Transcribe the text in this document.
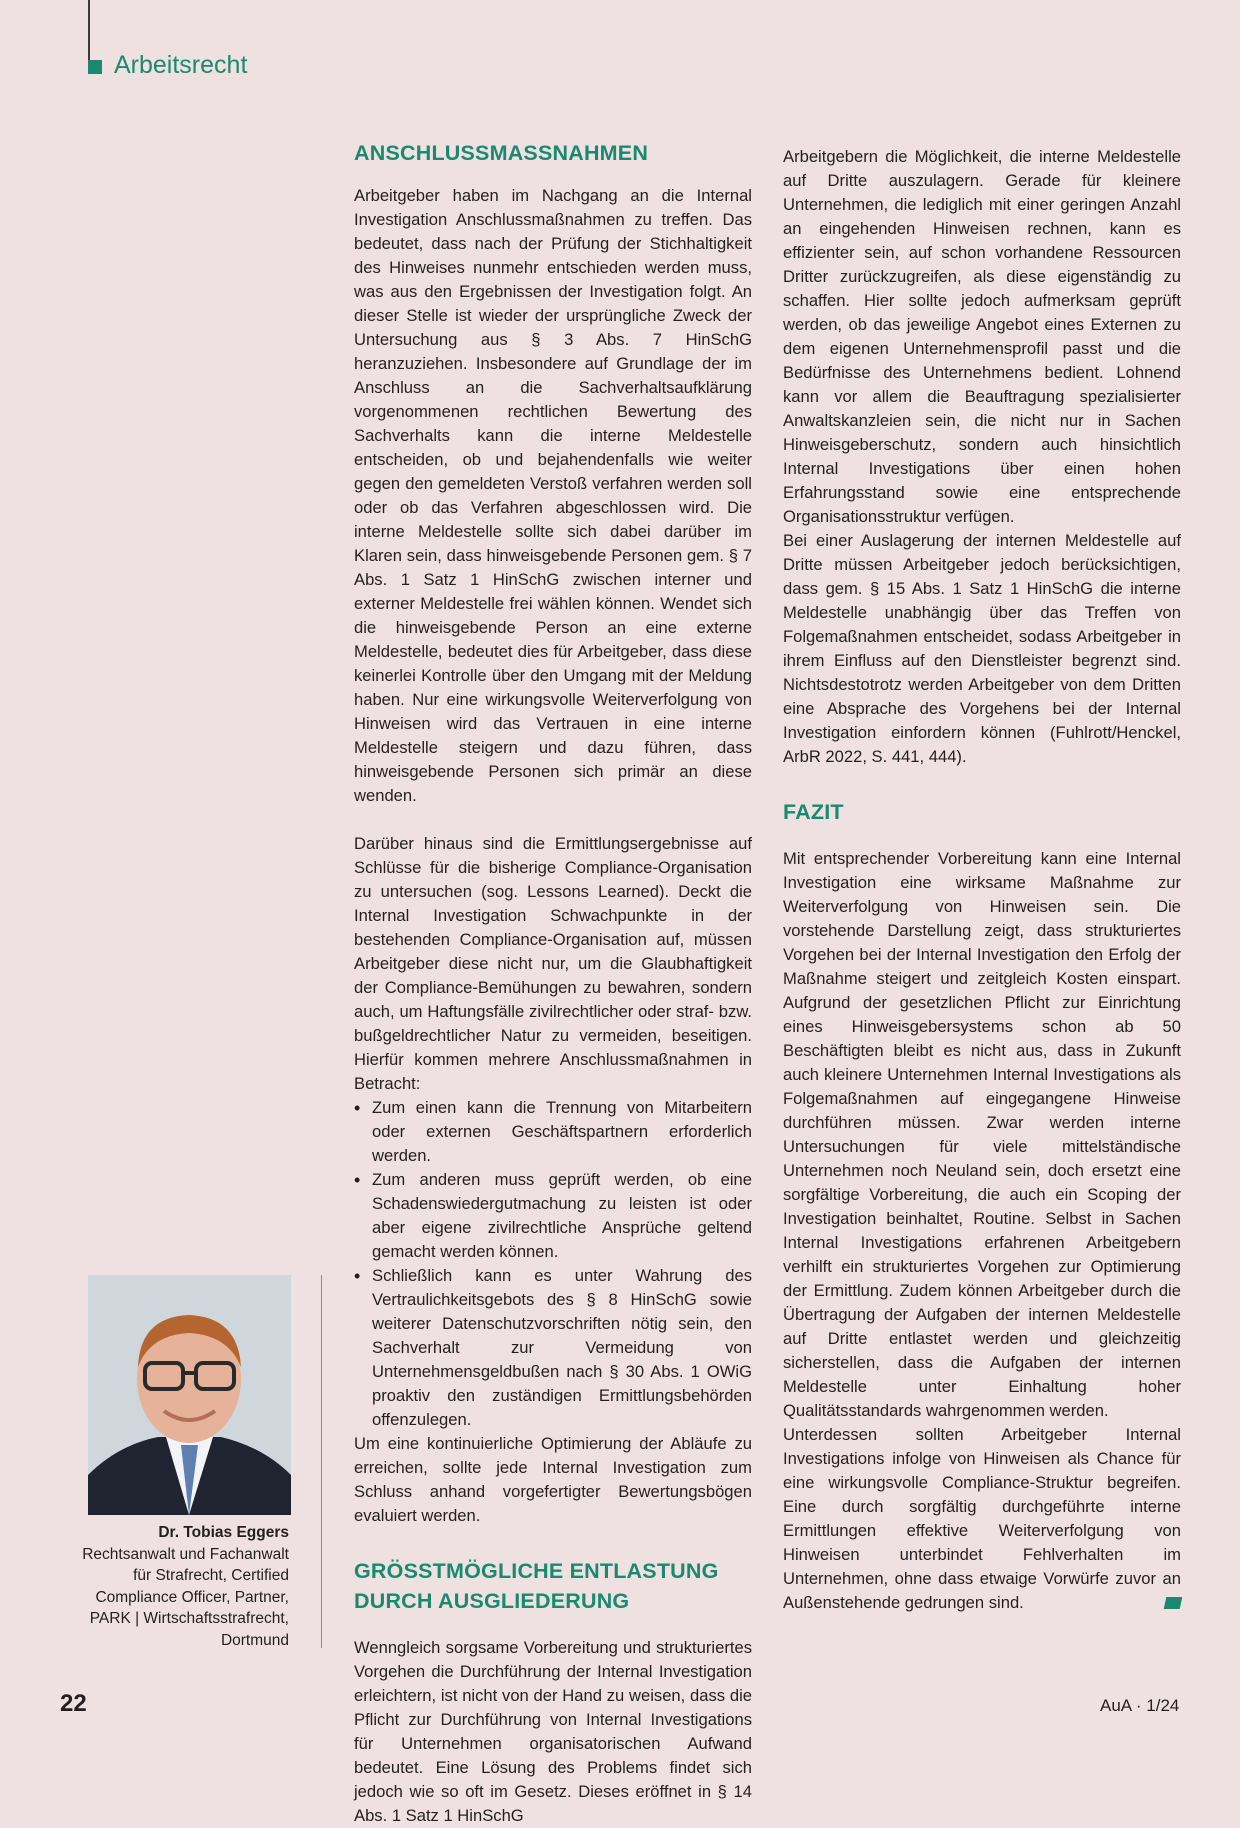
Arbeitsrecht
ANSCHLUSSMASSNAHMEN

Arbeitgeber haben im Nachgang an die Internal Investigation Anschlussmaßnahmen zu treffen. Das bedeutet, dass nach der Prüfung der Stichhaltigkeit des Hinweises nunmehr entschieden werden muss, was aus den Ergebnissen der Investigation folgt. An dieser Stelle ist wieder der ursprüngliche Zweck der Untersuchung aus § 3 Abs. 7 HinSchG heranzuziehen. Insbesondere auf Grundlage der im Anschluss an die Sachverhaltsaufklärung vorgenommenen rechtlichen Bewertung des Sachverhalts kann die interne Meldestelle entscheiden, ob und bejahendenfalls wie weiter gegen den gemeldeten Verstoß verfahren werden soll oder ob das Verfahren abgeschlossen wird. Die interne Meldestelle sollte sich dabei darüber im Klaren sein, dass hinweisgebende Personen gem. § 7 Abs. 1 Satz 1 HinSchG zwischen interner und externer Meldestelle frei wählen können. Wendet sich die hinweisgebende Person an eine externe Meldestelle, bedeutet dies für Arbeitgeber, dass diese keinerlei Kontrolle über den Umgang mit der Meldung haben. Nur eine wirkungsvolle Weiterverfolgung von Hinweisen wird das Vertrauen in eine interne Meldestelle steigern und dazu führen, dass hinweisgebende Personen sich primär an diese wenden.

Darüber hinaus sind die Ermittlungsergebnisse auf Schlüsse für die bisherige Compliance-Organisation zu untersuchen (sog. Lessons Learned). Deckt die Internal Investigation Schwachpunkte in der bestehenden Compliance-Organisation auf, müssen Arbeitgeber diese nicht nur, um die Glaubhaftigkeit der Compliance-Bemühungen zu bewahren, sondern auch, um Haftungsfälle zivilrechtlicher oder straf- bzw. bußgeldrechtlicher Natur zu vermeiden, beseitigen. Hierfür kommen mehrere Anschlussmaßnahmen in Betracht:

• Zum einen kann die Trennung von Mitarbeitern oder externen Geschäftspartnern erforderlich werden.
• Zum anderen muss geprüft werden, ob eine Schadenswiedergutmachung zu leisten ist oder aber eigene zivilrechtliche Ansprüche geltend gemacht werden können.
• Schließlich kann es unter Wahrung des Vertraulichkeitsgebots des § 8 HinSchG sowie weiterer Datenschutzvorschriften nötig sein, den Sachverhalt zur Vermeidung von Unternehmensgeldbußen nach § 30 Abs. 1 OWiG proaktiv den zuständigen Ermittlungsbehörden offenzulegen.

Um eine kontinuierliche Optimierung der Abläufe zu erreichen, sollte jede Internal Investigation zum Schluss anhand vorgefertigter Bewertungsbögen evaluiert werden.

GRÖSSTMÖGLICHE ENTLASTUNG
DURCH AUSGLIEDERUNG

Wenngleich sorgsame Vorbereitung und strukturiertes Vorgehen die Durchführung der Internal Investigation erleichtern, ist nicht von der Hand zu weisen, dass die Pflicht zur Durchführung von Internal Investigations für Unternehmen organisatorischen Aufwand bedeutet. Eine Lösung des Problems findet sich jedoch wie so oft im Gesetz. Dieses eröffnet in § 14 Abs. 1 Satz 1 HinSchG

Arbeitgebern die Möglichkeit, die interne Meldestelle auf Dritte auszulagern. Gerade für kleinere Unternehmen, die lediglich mit einer geringen Anzahl an eingehenden Hinweisen rechnen, kann es effizienter sein, auf schon vorhandene Ressourcen Dritter zurückzugreifen, als diese eigenständig zu schaffen. Hier sollte jedoch aufmerksam geprüft werden, ob das jeweilige Angebot eines Externen zu dem eigenen Unternehmensprofil passt und die Bedürfnisse des Unternehmens bedient. Lohnend kann vor allem die Beauftragung spezialisierter Anwaltskanzleien sein, die nicht nur in Sachen Hinweisgeberschutz, sondern auch hinsichtlich Internal Investigations über einen hohen Erfahrungsstand sowie eine entsprechende Organisationsstruktur verfügen.

Bei einer Auslagerung der internen Meldestelle auf Dritte müssen Arbeitgeber jedoch berücksichtigen, dass gem. § 15 Abs. 1 Satz 1 HinSchG die interne Meldestelle unabhängig über das Treffen von Folgemaßnahmen entscheidet, sodass Arbeitgeber in ihrem Einfluss auf den Dienstleister begrenzt sind. Nichtsdestotrotz werden Arbeitgeber von dem Dritten eine Absprache des Vorgehens bei der Internal Investigation einfordern können (Fuhlrott/Henckel, ArbR 2022, S. 441, 444).

FAZIT

Mit entsprechender Vorbereitung kann eine Internal Investigation eine wirksame Maßnahme zur Weiterverfolgung von Hinweisen sein. Die vorstehende Darstellung zeigt, dass strukturiertes Vorgehen bei der Internal Investigation den Erfolg der Maßnahme steigert und zeitgleich Kosten einspart. Aufgrund der gesetzlichen Pflicht zur Einrichtung eines Hinweisgebersystems schon ab 50 Beschäftigten bleibt es nicht aus, dass in Zukunft auch kleinere Unternehmen Internal Investigations als Folgemaßnahmen auf eingegangene Hinweise durchführen müssen. Zwar werden interne Untersuchungen für viele mittelständische Unternehmen noch Neuland sein, doch ersetzt eine sorgfältige Vorbereitung, die auch ein Scoping der Investigation beinhaltet, Routine. Selbst in Sachen Internal Investigations erfahrenen Arbeitgebern verhilft ein strukturiertes Vorgehen zur Optimierung der Ermittlung. Zudem können Arbeitgeber durch die Übertragung der Aufgaben der internen Meldestelle auf Dritte entlastet werden und gleichzeitig sicherstellen, dass die Aufgaben der internen Meldestelle unter Einhaltung hoher Qualitätsstandards wahrgenommen werden.

Unterdessen sollten Arbeitgeber Internal Investigations infolge von Hinweisen als Chance für eine wirkungsvolle Compliance-Struktur begreifen. Eine durch sorgfältig durchgeführte interne Ermittlungen effektive Weiterverfolgung von Hinweisen unterbindet Fehlverhalten im Unternehmen, ohne dass etwaige Vorwürfe zuvor an Außenstehende gedrungen sind.

Dr. Tobias Eggers
Rechtsanwalt und Fachanwalt
für Strafrecht, Certified
Compliance Officer, Partner,
PARK | Wirtschaftsstrafrecht,
Dortmund
22	AuA · 1/24
